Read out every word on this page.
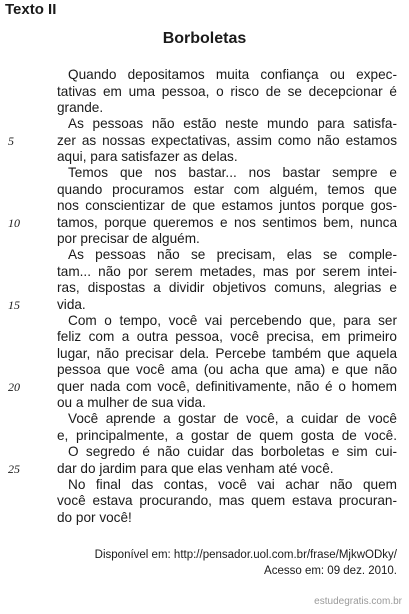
Texto II
Borboletas
Quando depositamos muita confiança ou expec-
tativas em uma pessoa, o risco de se decepcionar é
grande.
As pessoas não estão neste mundo para satisfa-
zer as nossas expectativas, assim como não estamos
aqui, para satisfazer as delas.
Temos que nos bastar... nos bastar sempre e
quando procuramos estar com alguém, temos que
nos conscientizar de que estamos juntos porque gos-
tamos, porque queremos e nos sentimos bem, nunca
por precisar de alguém.
As pessoas não se precisam, elas se comple-
tam... não por serem metades, mas por serem intei-
ras, dispostas a dividir objetivos comuns, alegrias e
vida.
Com o tempo, você vai percebendo que, para ser
feliz com a outra pessoa, você precisa, em primeiro
lugar, não precisar dela. Percebe também que aquela
pessoa que você ama (ou acha que ama) e que não
quer nada com você, definitivamente, não é o homem
ou a mulher de sua vida.
Você aprende a gostar de você, a cuidar de você
e, principalmente, a gostar de quem gosta de você.
O segredo é não cuidar das borboletas e sim cui-
dar do jardim para que elas venham até você.
No final das contas, você vai achar não quem
você estava procurando, mas quem estava procuran-
do por você!
5
10
15
20
25
Disponível em: http://pensador.uol.com.br/frase/MjkwODky/
Acesso em: 09 dez. 2010.
estudegratis.com.br
